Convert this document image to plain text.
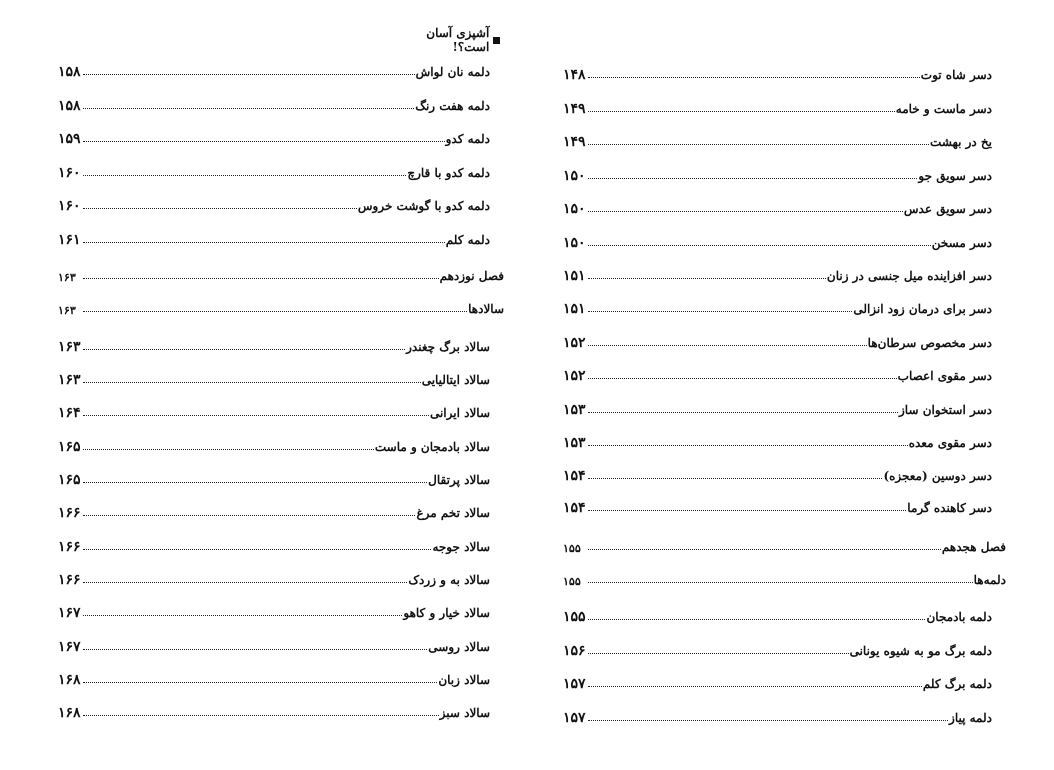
آشپزی آسان است؟!
دسر شاه توت
۱۴۸
دسر ماست و خامه
۱۴۹
یخ در بهشت
۱۴۹
دسر سویق جو
۱۵۰
دسر سویق عدس
۱۵۰
دسر مسخن
۱۵۰
دسر افزاینده میل جنسی در زنان
۱۵۱
دسر برای درمان زود انزالی
۱۵۱
دسر مخصوص سرطان‌ها
۱۵۲
دسر مقوی اعصاب
۱۵۲
دسر استخوان ساز
۱۵۳
دسر مقوی معده
۱۵۳
دسر دوسین (معجزه)
۱۵۴
دسر کاهنده گرما
۱۵۴
فصل هجدهم
۱۵۵
دلمه‌ها
۱۵۵
دلمه بادمجان
۱۵۵
دلمه برگ مو به شیوه یونانی
۱۵۶
دلمه برگ کلم
۱۵۷
دلمه پیاز
۱۵۷
دلمه نان لواش
۱۵۸
دلمه هفت رنگ
۱۵۸
دلمه کدو
۱۵۹
دلمه کدو با قارچ
۱۶۰
دلمه کدو با گوشت خروس
۱۶۰
دلمه کلم
۱۶۱
فصل نوزدهم
۱۶۳
سالادها
۱۶۳
سالاد برگ چغندر
۱۶۳
سالاد ایتالیایی
۱۶۳
سالاد ایرانی
۱۶۴
سالاد بادمجان و ماست
۱۶۵
سالاد پرتقال
۱۶۵
سالاد تخم مرغ
۱۶۶
سالاد جوجه
۱۶۶
سالاد به و زردک
۱۶۶
سالاد خیار و کاهو
۱۶۷
سالاد روسی
۱۶۷
سالاد زبان
۱۶۸
سالاد سبز
۱۶۸
